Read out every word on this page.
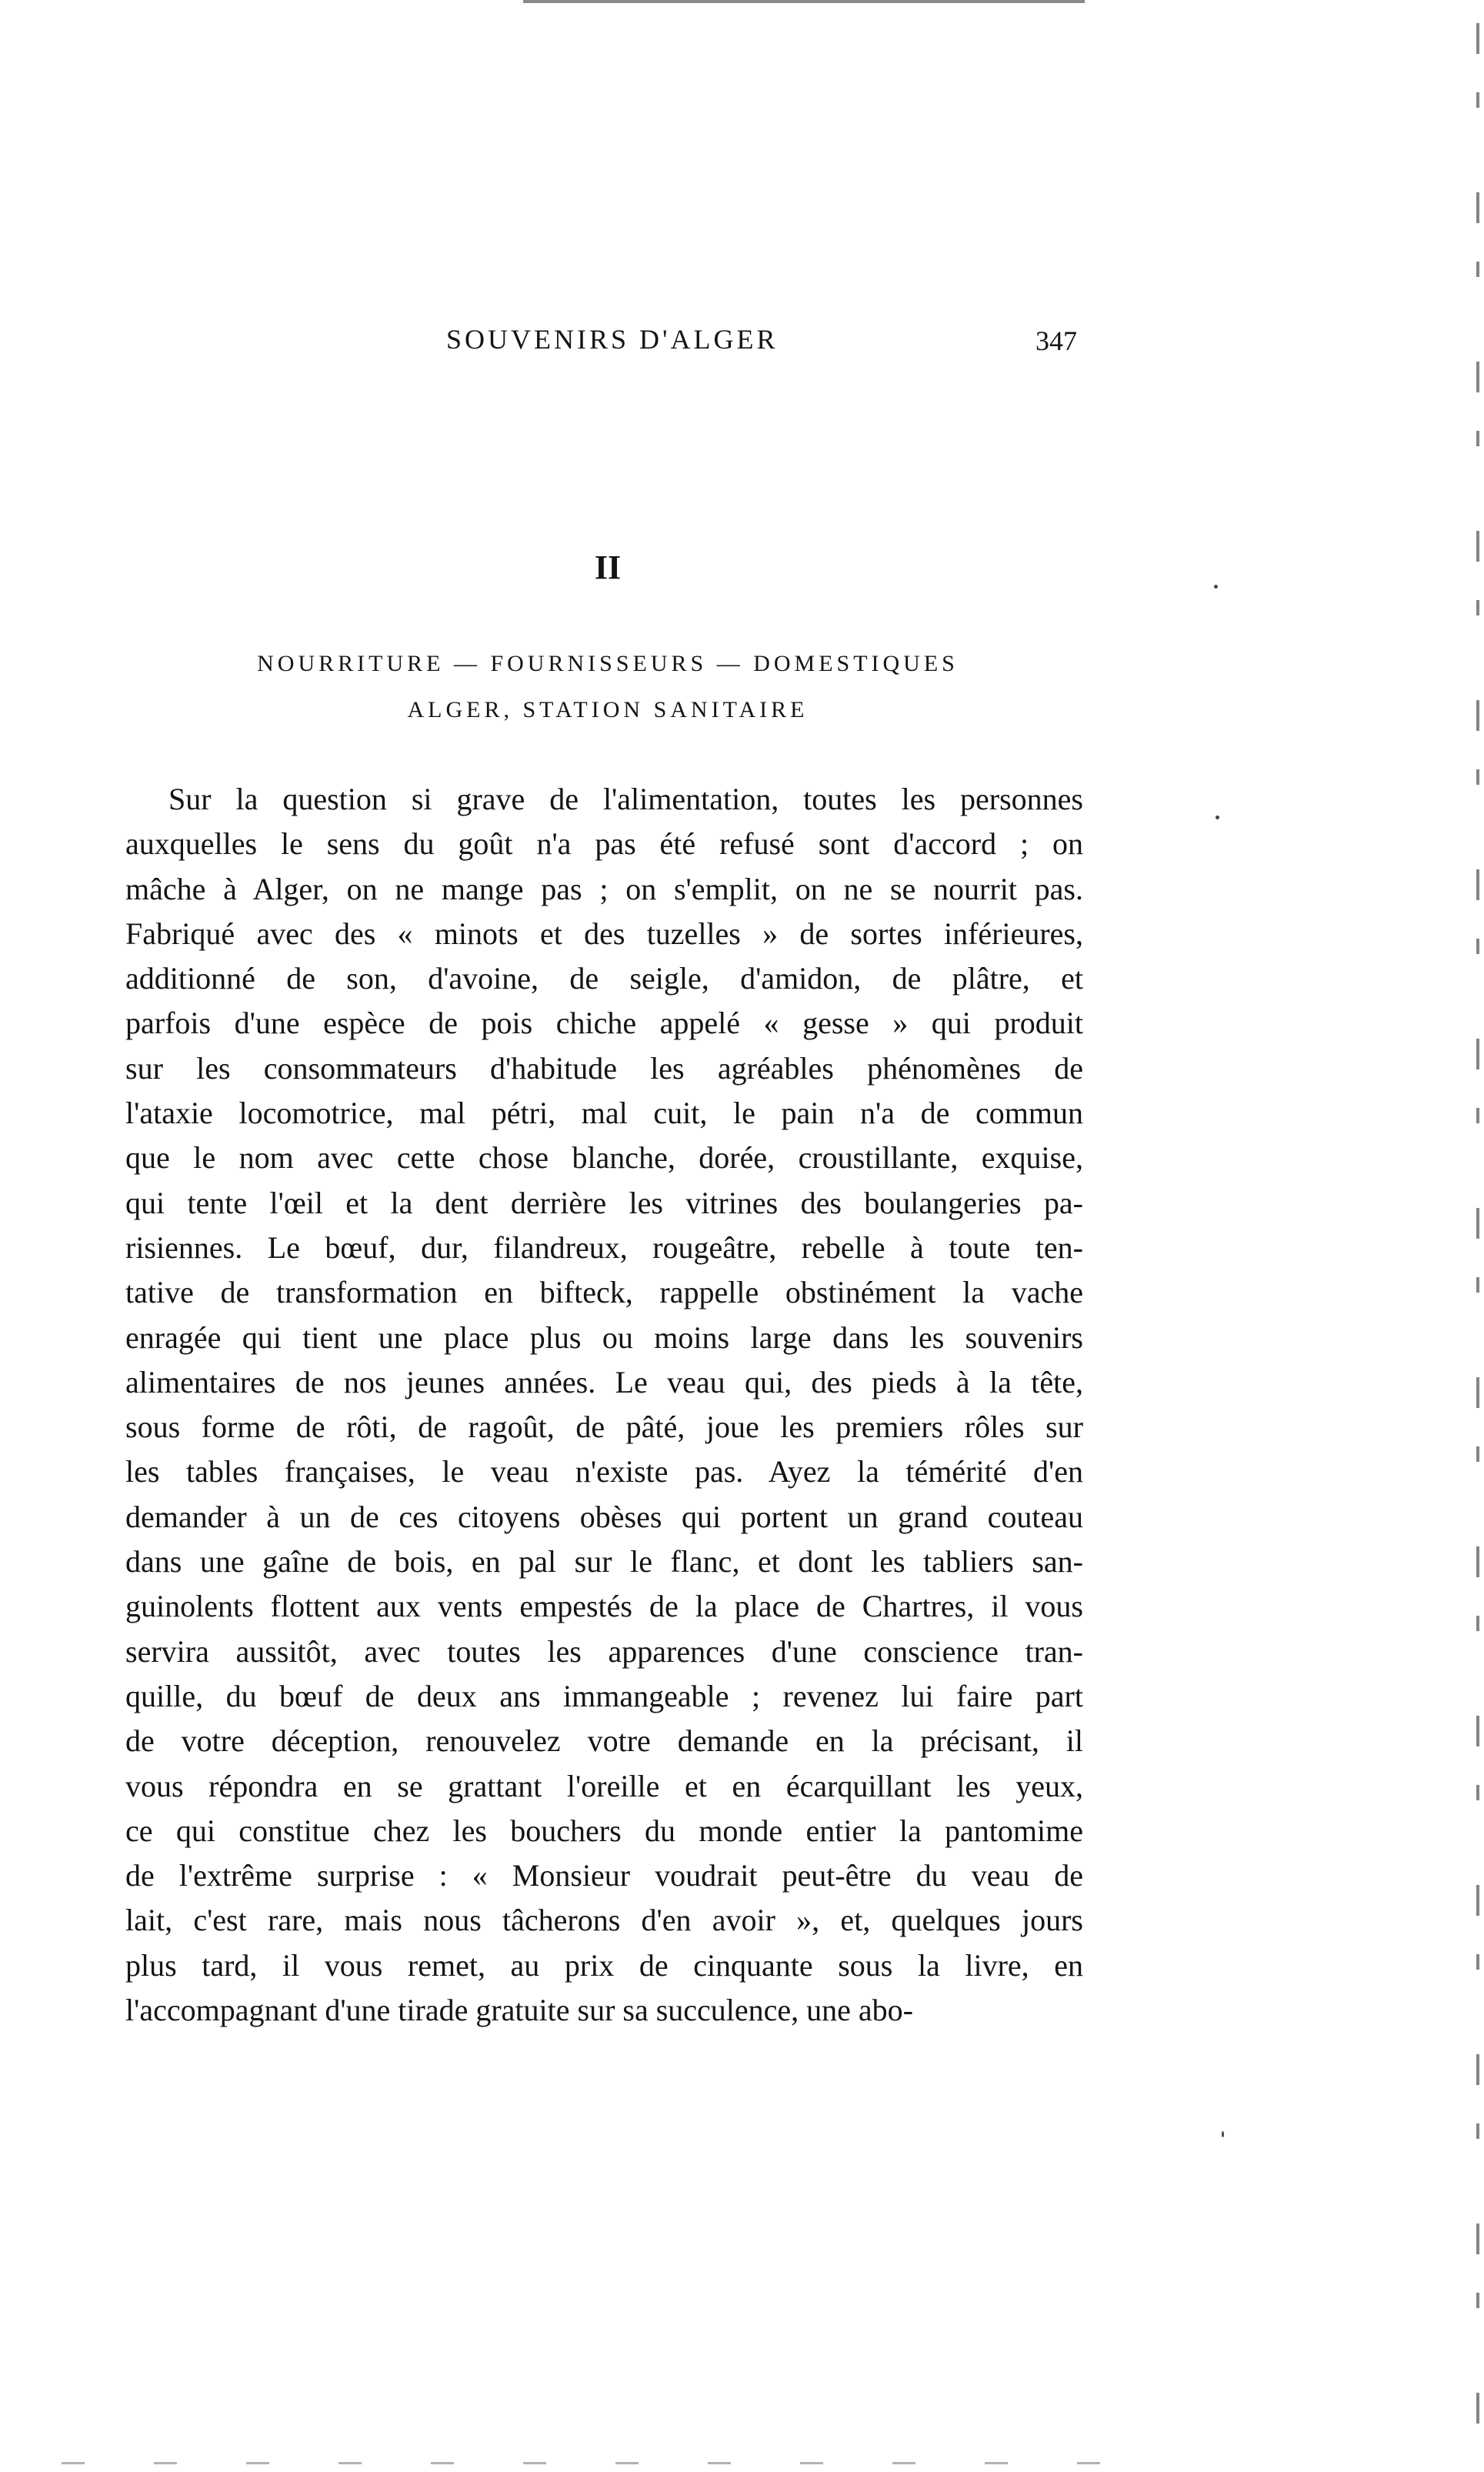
SOUVENIRS D'ALGER	347
II
NOURRITURE — FOURNISSEURS — DOMESTIQUES
ALGER, STATION SANITAIRE
Sur la question si grave de l'alimentation, toutes les personnes
auxquelles le sens du goût n'a pas été refusé sont d'accord ; on
mâche à Alger, on ne mange pas ; on s'emplit, on ne se nourrit pas.
Fabriqué avec des « minots et des tuzelles » de sortes inférieures,
additionné de son, d'avoine, de seigle, d'amidon, de plâtre, et
parfois d'une espèce de pois chiche appelé « gesse » qui produit
sur les consommateurs d'habitude les agréables phénomènes de
l'ataxie locomotrice, mal pétri, mal cuit, le pain n'a de commun
que le nom avec cette chose blanche, dorée, croustillante, exquise,
qui tente l'œil et la dent derrière les vitrines des boulangeries pa-
risiennes. Le bœuf, dur, filandreux, rougeâtre, rebelle à toute ten-
tative de transformation en bifteck, rappelle obstinément la vache
enragée qui tient une place plus ou moins large dans les souvenirs
alimentaires de nos jeunes années. Le veau qui, des pieds à la tête,
sous forme de rôti, de ragoût, de pâté, joue les premiers rôles sur
les tables françaises, le veau n'existe pas. Ayez la témérité d'en
demander à un de ces citoyens obèses qui portent un grand couteau
dans une gaîne de bois, en pal sur le flanc, et dont les tabliers san-
guinolents flottent aux vents empestés de la place de Chartres, il vous
servira aussitôt, avec toutes les apparences d'une conscience tran-
quille, du bœuf de deux ans immangeable ; revenez lui faire part
de votre déception, renouvelez votre demande en la précisant, il
vous répondra en se grattant l'oreille et en écarquillant les yeux,
ce qui constitue chez les bouchers du monde entier la pantomime
de l'extrême surprise : « Monsieur voudrait peut-être du veau de
lait, c'est rare, mais nous tâcherons d'en avoir », et, quelques jours
plus tard, il vous remet, au prix de cinquante sous la livre, en
l'accompagnant d'une tirade gratuite sur sa succulence, une abo-
